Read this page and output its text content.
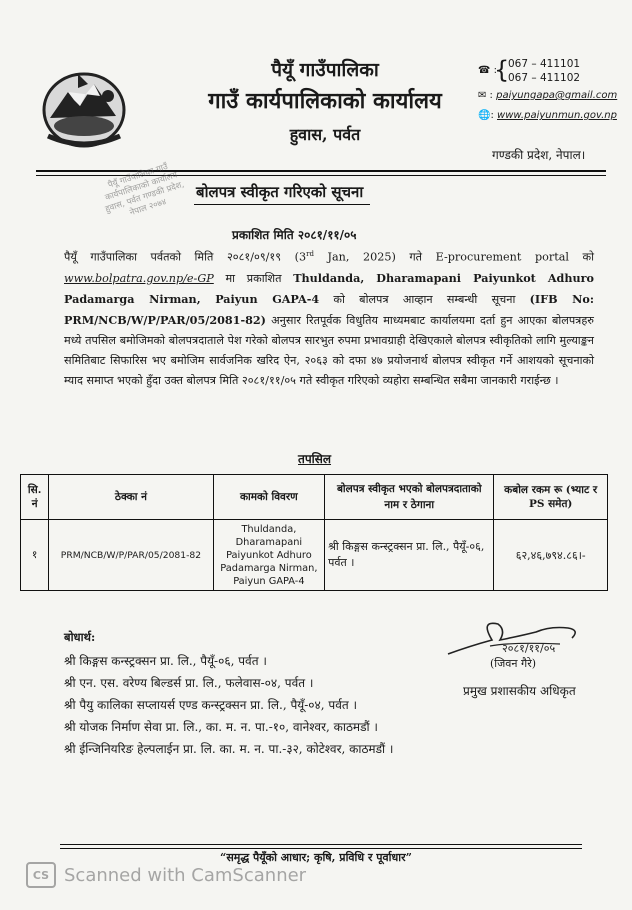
पैयूँ गाउँपालिका
गाउँ कार्यपालिकाको कार्यालय
हुवास, पर्वत
☎ :
{
067 – 411101
067 – 411102
✉ : paiyungapa@gmail.com
🌐: www.paiyunmun.gov.np
गण्डकी प्रदेश, नेपाल।
पैयूँ गाउँपालिका गाउँ कार्यपालिकाको कार्यालय हुवास, पर्वत गण्डकी प्रदेश, नेपाल २०७४
बोलपत्र स्वीकृत गरिएको सूचना
प्रकाशित मिति २०८१/११/०५
पैयूँ गाउँपालिका पर्वतको मिति २०८१/०९/१९ (3rd Jan, 2025) गते E-procurement portal को www.bolpatra.gov.np/e-GP मा प्रकाशित Thuldanda, Dharamapani Paiyunkot Adhuro Padamarga Nirman, Paiyun GAPA-4 को बोलपत्र आव्हान सम्बन्धी सूचना (IFB No: PRM/NCB/W/P/PAR/05/2081-82) अनुसार रितपूर्वक विधुतिय माध्यमबाट कार्यालयमा दर्ता हुन आएका बोलपत्रहरु मध्ये तपसिल बमोजिमको बोलपत्रदाताले पेश गरेको बोलपत्र सारभुत रुपमा प्रभावग्राही देखिएकाले बोलपत्र स्वीकृतिको लागि मुल्याङ्कन समितिबाट सिफारिस भए बमोजिम सार्वजनिक खरिद ऐन, २०६३ को दफा ४७ प्रयोजनार्थ बोलपत्र स्वीकृत गर्ने आशयको सूचनाको म्याद समाप्त भएको हुँदा उक्त बोलपत्र मिति २०८१/११/०५ गते स्वीकृत गरिएको व्यहोरा सम्बन्धित सबैमा जानकारी गराईन्छ ।
तपसिल
सि. नं	ठेक्का नं	कामको विवरण	बोलपत्र स्वीकृत भएको बोलपत्रदाताको नाम र ठेगाना	कबोल रकम रू (भ्याट र PS समेत)
१	PRM/NCB/W/P/PAR/05/2081-82	Thuldanda, Dharamapani Paiyunkot Adhuro Padamarga Nirman, Paiyun GAPA-4	श्री किङ्गस कन्स्ट्रक्सन प्रा. लि., पैयूँ-०६, पर्वत ।	६२,४६,७९४.८६।-
२०८१/११/०५
(जिवन गैरे)
प्रमुख प्रशासकीय अधिकृत
बोधार्थ:
श्री किङ्गस कन्स्ट्रक्सन प्रा. लि., पैयूँ-०६, पर्वत ।
श्री एन. एस. वरेण्य बिल्डर्स प्रा. लि., फलेवास-०४, पर्वत ।
श्री पैयु कालिका सप्लायर्स एण्ड कन्स्ट्रक्सन प्रा. लि., पैयूँ-०४, पर्वत ।
श्री योजक निर्माण सेवा प्रा. लि., का. म. न. पा.-१०, वानेश्वर, काठमडौं ।
श्री ईन्जिनियरिङ हेल्पलाईन प्रा. लि. का. म. न. पा.-३२, कोटेश्वर, काठमडौं ।
“समृद्ध पैयूँको आधार; कृषि, प्रविधि र पूर्वाधार”
CS Scanned with CamScanner
